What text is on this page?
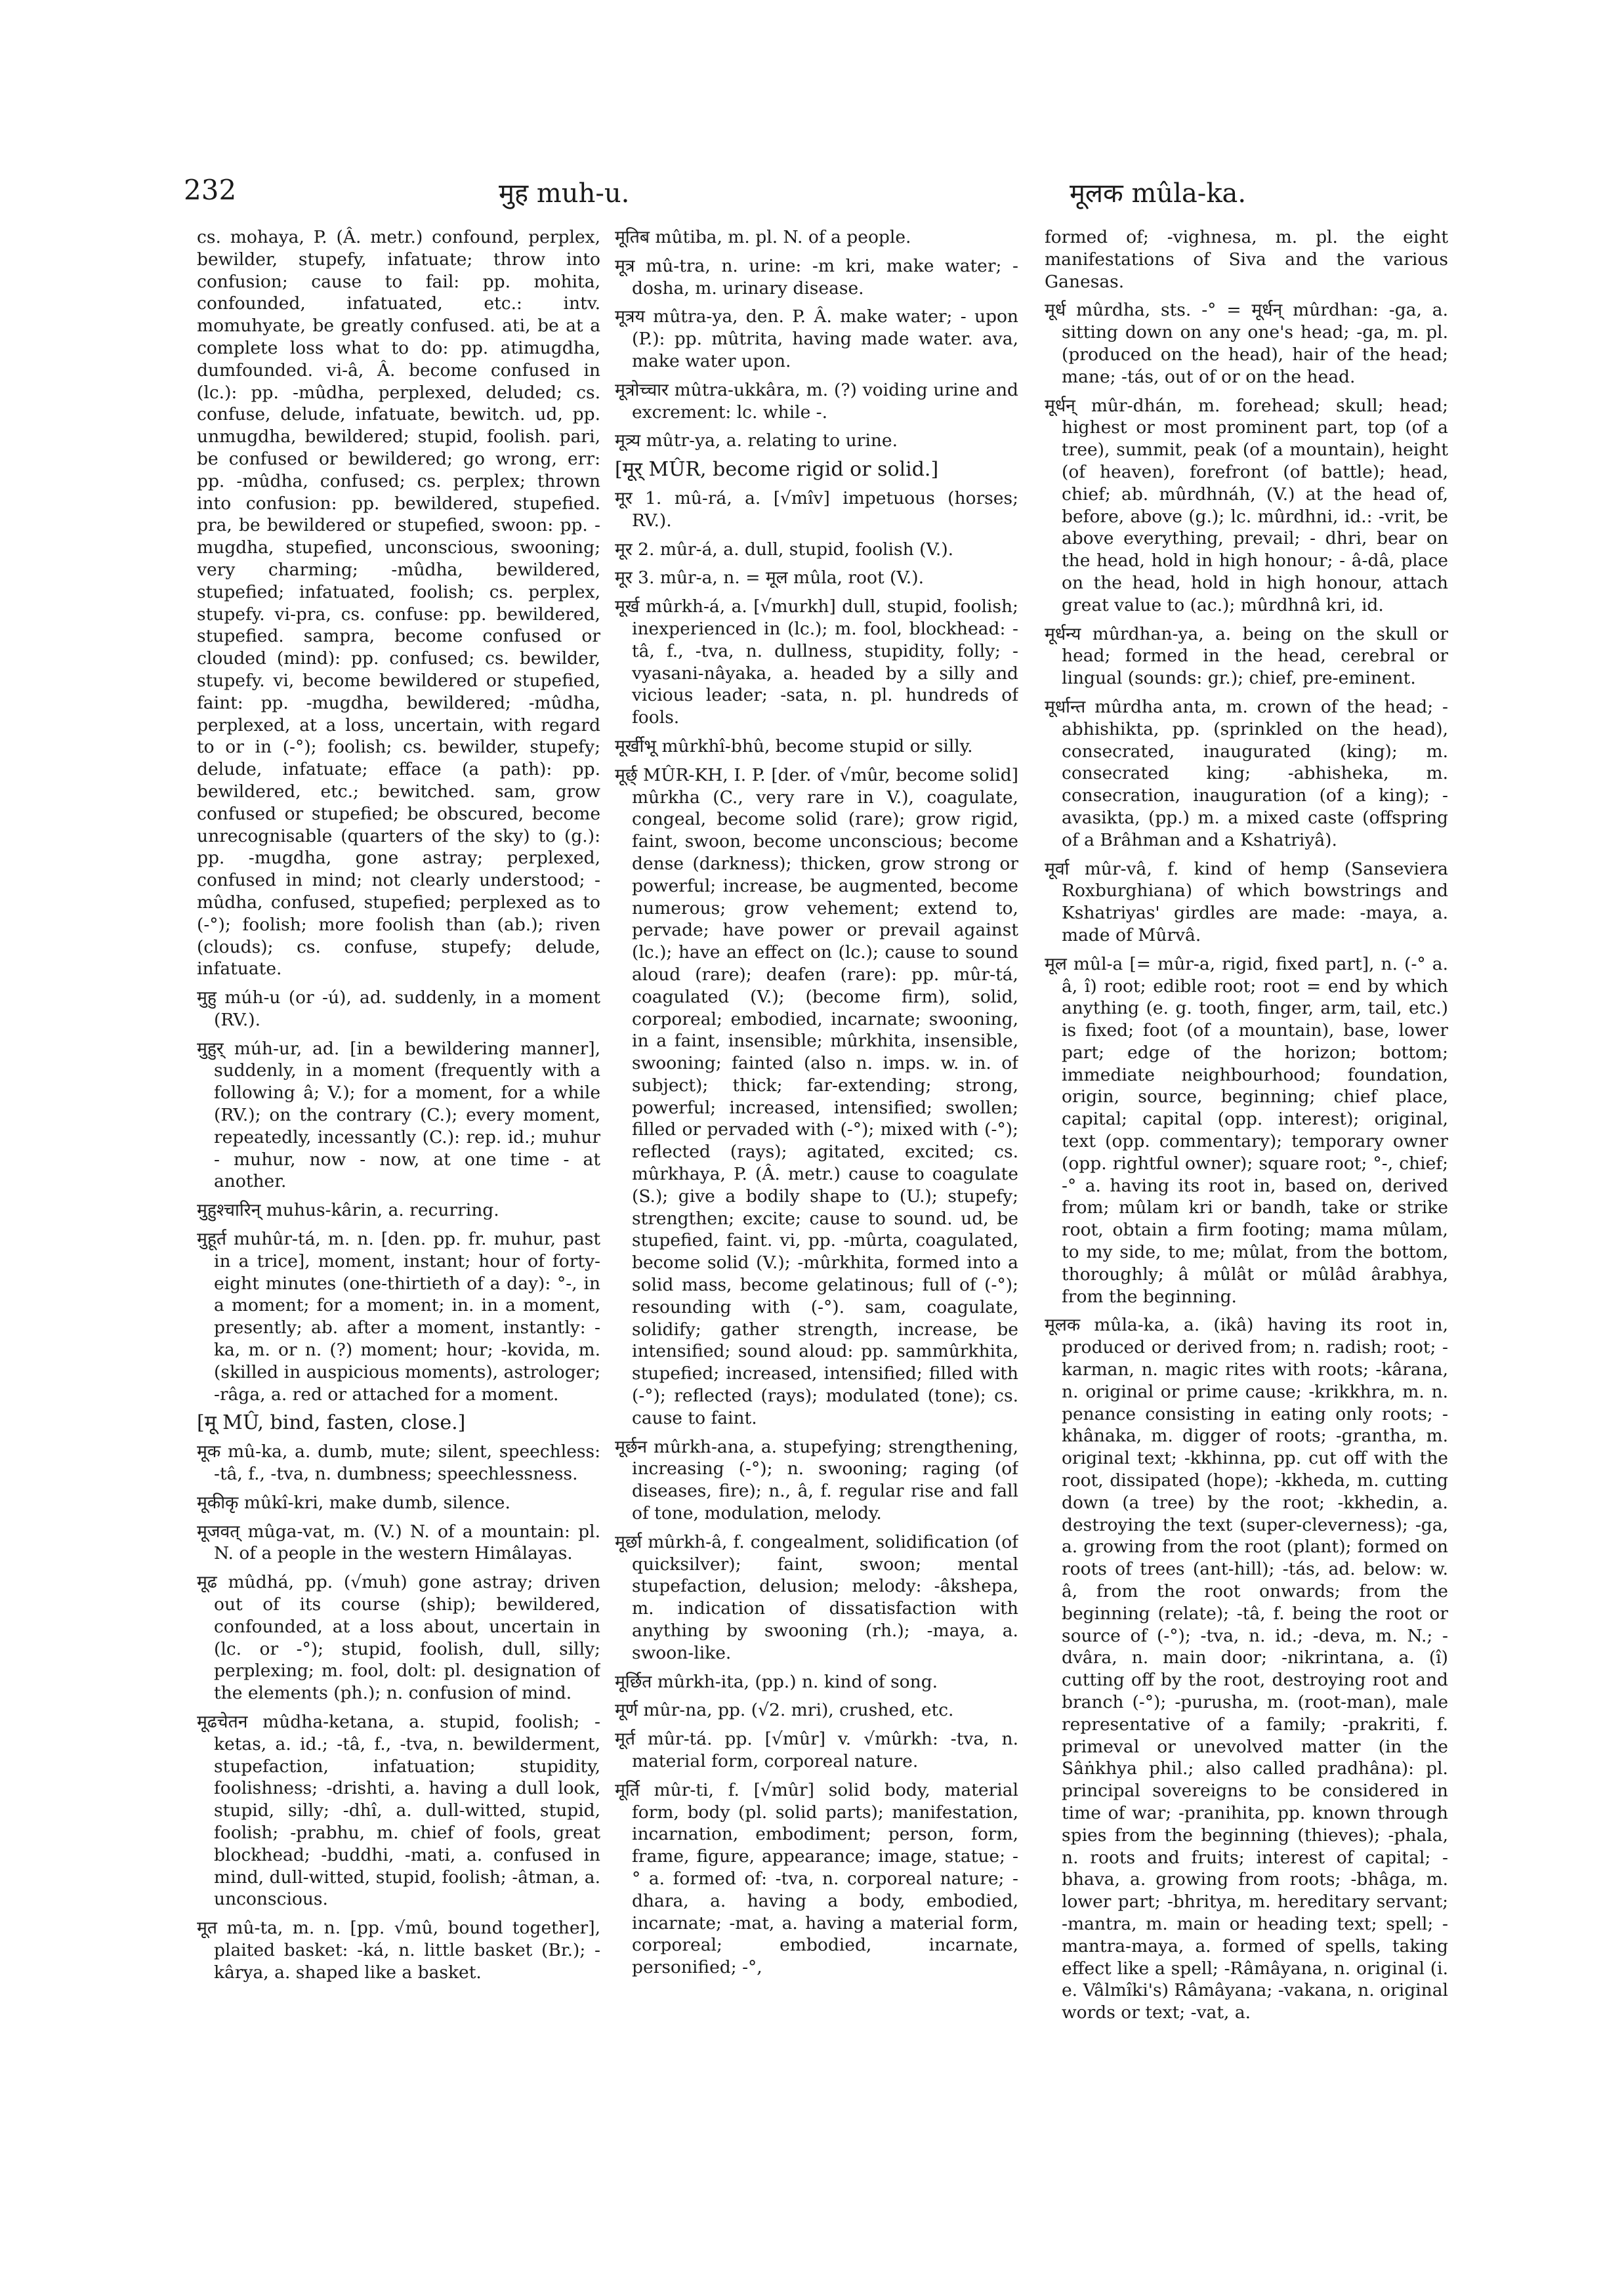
232	मुह muh-u.	मूलक mûla-ka.

cs. mohaya, P. (Â. metr.) confound, perplex, bewilder, stupefy, infatuate; throw into confusion; cause to fail: pp. mohita, confounded, infatuated, etc.: intv. momuhyate, be greatly confused. ati, be at a complete loss what to do: pp. atimugdha, dumfounded. vi-â, Â. become confused in (lc.): pp. -mûdha, perplexed, deluded; cs. confuse, delude, infatuate, bewitch. ud, pp. unmugdha, bewildered; stupid, foolish. pari, be confused or bewildered; go wrong, err: pp. -mûdha, confused; cs. perplex; thrown into confusion: pp. bewildered, stupefied. pra, be bewildered or stupefied, swoon: pp. -mugdha, stupefied, unconscious, swooning; very charming; -mûdha, bewildered, stupefied; infatuated, foolish; cs. perplex, stupefy. vi-pra, cs. confuse: pp. bewildered, stupefied. sampra, become confused or clouded (mind): pp. confused; cs. bewilder, stupefy. vi, become bewildered or stupefied, faint: pp. -mugdha, bewildered; -mûdha, perplexed, at a loss, uncertain, with regard to or in (-°); foolish; cs. bewilder, stupefy; delude, infatuate; efface (a path): pp. bewildered, etc.; bewitched. sam, grow confused or stupefied; be obscured, become unrecognisable (quarters of the sky) to (g.): pp. -mugdha, gone astray; perplexed, confused in mind; not clearly understood; -mûdha, confused, stupefied; perplexed as to (-°); foolish; more foolish than (ab.); riven (clouds); cs. confuse, stupefy; delude, infatuate.

मुहु múh-u (or -ú), ad. suddenly, in a moment (RV.).

मुहुर् múh-ur, ad. [in a bewildering manner], suddenly, in a moment (frequently with a following â; V.); for a moment, for a while (RV.); on the contrary (C.); every moment, repeatedly, incessantly (C.): rep. id.; muhur - muhur, now - now, at one time - at another.

मुहुश्चारिन् muhus-kârin, a. recurring.

मुहूर्त muhûr-tá, m. n. [den. pp. fr. muhur, past in a trice], moment, instant; hour of forty-eight minutes (one-thirtieth of a day): °-, in a moment; for a moment; in. in a moment, presently; ab. after a moment, instantly: -ka, m. or n. (?) moment; hour; -kovida, m. (skilled in auspicious moments), astrologer; -râga, a. red or attached for a moment.

[मू MÛ, bind, fasten, close.]

मूक mû-ka, a. dumb, mute; silent, speechless: -tâ, f., -tva, n. dumbness; speechlessness.

मूकीकृ mûkî-kri, make dumb, silence.

मूजवत् mûga-vat, m. (V.) N. of a mountain: pl. N. of a people in the western Himâlayas.

मूढ mûdhá, pp. (√muh) gone astray; driven out of its course (ship); bewildered, confounded, at a loss about, uncertain in (lc. or -°); stupid, foolish, dull, silly; perplexing; m. fool, dolt: pl. designation of the elements (ph.); n. confusion of mind.

मूढचेतन mûdha-ketana, a. stupid, foolish; -ketas, a. id.; -tâ, f., -tva, n. bewilderment, stupefaction, infatuation; stupidity, foolishness; -drishti, a. having a dull look, stupid, silly; -dhî, a. dull-witted, stupid, foolish; -prabhu, m. chief of fools, great blockhead; -buddhi, -mati, a. confused in mind, dull-witted, stupid, foolish; -âtman, a. unconscious.

मूत mû-ta, m. n. [pp. √mû, bound together], plaited basket: -ká, n. little basket (Br.); -kârya, a. shaped like a basket.

मूतिब mûtiba, m. pl. N. of a people.

मूत्र mû-tra, n. urine: -m kri, make water; -dosha, m. urinary disease.

मूत्रय mûtra-ya, den. P. Â. make water; - upon (P.): pp. mûtrita, having made water. ava, make water upon.

मूत्रोच्चार mûtra-ukkâra, m. (?) voiding urine and excrement: lc. while -.

मूत्र्य mûtr-ya, a. relating to urine.

[मूर् MÛR, become rigid or solid.]

मूर 1. mû-rá, a. [√mîv] impetuous (horses; RV.).

मूर 2. mûr-á, a. dull, stupid, foolish (V.).

मूर 3. mûr-a, n. = मूल mûla, root (V.).

मूर्ख mûrkh-á, a. [√murkh] dull, stupid, foolish; inexperienced in (lc.); m. fool, blockhead: -tâ, f., -tva, n. dullness, stupidity, folly; -vyasani-nâyaka, a. headed by a silly and vicious leader; -sata, n. pl. hundreds of fools.

मूर्खीभू mûrkhî-bhû, become stupid or silly.

मूर्छ् MÛR-KH, I. P. [der. of √mûr, become solid] mûrkha (C., very rare in V.), coagulate, congeal, become solid (rare); grow rigid, faint, swoon, become unconscious; become dense (darkness); thicken, grow strong or powerful; increase, be augmented, become numerous; grow vehement; extend to, pervade; have power or prevail against (lc.); have an effect on (lc.); cause to sound aloud (rare); deafen (rare): pp. mûr-tá, coagulated (V.); (become firm), solid, corporeal; embodied, incarnate; swooning, in a faint, insensible; mûrkhita, insensible, swooning; fainted (also n. imps. w. in. of subject); thick; far-extending; strong, powerful; increased, intensified; swollen; filled or pervaded with (-°); mixed with (-°); reflected (rays); agitated, excited; cs. mûrkhaya, P. (Â. metr.) cause to coagulate (S.); give a bodily shape to (U.); stupefy; strengthen; excite; cause to sound. ud, be stupefied, faint. vi, pp. -mûrta, coagulated, become solid (V.); -mûrkhita, formed into a solid mass, become gelatinous; full of (-°); resounding with (-°). sam, coagulate, solidify; gather strength, increase, be intensified; sound aloud: pp. sammûrkhita, stupefied; increased, intensified; filled with (-°); reflected (rays); modulated (tone); cs. cause to faint.

मूर्छन mûrkh-ana, a. stupefying; strengthening, increasing (-°); n. swooning; raging (of diseases, fire); n., â, f. regular rise and fall of tone, modulation, melody.

मूर्छा mûrkh-â, f. congealment, solidification (of quicksilver); faint, swoon; mental stupefaction, delusion; melody: -âkshepa, m. indication of dissatisfaction with anything by swooning (rh.); -maya, a. swoon-like.

मूर्छित mûrkh-ita, (pp.) n. kind of song.

मूर्ण mûr-na, pp. (√2. mri), crushed, etc.

मूर्त mûr-tá. pp. [√mûr] v. √mûrkh: -tva, n. material form, corporeal nature.

मूर्ति mûr-ti, f. [√mûr] solid body, material form, body (pl. solid parts); manifestation, incarnation, embodiment; person, form, frame, figure, appearance; image, statue; -° a. formed of: -tva, n. corporeal nature; -dhara, a. having a body, embodied, incarnate; -mat, a. having a material form, corporeal; embodied, incarnate, personified; -°,

formed of; -vighnesa, m. pl. the eight manifestations of Siva and the various Ganesas.

मूर्ध mûrdha, sts. -° = मूर्धन् mûrdhan: -ga, a. sitting down on any one's head; -ga, m. pl. (produced on the head), hair of the head; mane; -tás, out of or on the head.

मूर्धन् mûr-dhán, m. forehead; skull; head; highest or most prominent part, top (of a tree), summit, peak (of a mountain), height (of heaven), forefront (of battle); head, chief; ab. mûrdhnáh, (V.) at the head of, before, above (g.); lc. mûrdhni, id.: -vrit, be above everything, prevail; - dhri, bear on the head, hold in high honour; - â-dâ, place on the head, hold in high honour, attach great value to (ac.); mûrdhnâ kri, id.

मूर्धन्य mûrdhan-ya, a. being on the skull or head; formed in the head, cerebral or lingual (sounds: gr.); chief, pre-eminent.

मूर्धान्त mûrdha anta, m. crown of the head; -abhishikta, pp. (sprinkled on the head), consecrated, inaugurated (king); m. consecrated king; -abhisheka, m. consecration, inauguration (of a king); -avasikta, (pp.) m. a mixed caste (offspring of a Brâhman and a Kshatriyâ).

मूर्वा mûr-vâ, f. kind of hemp (Sanseviera Roxburghiana) of which bowstrings and Kshatriyas' girdles are made: -maya, a. made of Mûrvâ.

मूल mûl-a [= mûr-a, rigid, fixed part], n. (-° a. â, î) root; edible root; root = end by which anything (e. g. tooth, finger, arm, tail, etc.) is fixed; foot (of a mountain), base, lower part; edge of the horizon; bottom; immediate neighbourhood; foundation, origin, source, beginning; chief place, capital; capital (opp. interest); original, text (opp. commentary); temporary owner (opp. rightful owner); square root; °-, chief; -° a. having its root in, based on, derived from; mûlam kri or bandh, take or strike root, obtain a firm footing; mama mûlam, to my side, to me; mûlat, from the bottom, thoroughly; â mûlât or mûlâd ârabhya, from the beginning.

मूलक mûla-ka, a. (ikâ) having its root in, produced or derived from; n. radish; root; -karman, n. magic rites with roots; -kârana, n. original or prime cause; -krikkhra, m. n. penance consisting in eating only roots; -khânaka, m. digger of roots; -grantha, m. original text; -kkhinna, pp. cut off with the root, dissipated (hope); -kkheda, m. cutting down (a tree) by the root; -kkhedin, a. destroying the text (super-cleverness); -ga, a. growing from the root (plant); formed on roots of trees (ant-hill); -tás, ad. below: w. â, from the root onwards; from the beginning (relate); -tâ, f. being the root or source of (-°); -tva, n. id.; -deva, m. N.; -dvâra, n. main door; -nikrintana, a. (î) cutting off by the root, destroying root and branch (-°); -purusha, m. (root-man), male representative of a family; -prakriti, f. primeval or unevolved matter (in the Sâṅkhya phil.; also called pradhâna): pl. principal sovereigns to be considered in time of war; -pranihita, pp. known through spies from the beginning (thieves); -phala, n. roots and fruits; interest of capital; -bhava, a. growing from roots; -bhâga, m. lower part; -bhritya, m. hereditary servant; -mantra, m. main or heading text; spell; -mantra-maya, a. formed of spells, taking effect like a spell; -Râmâyana, n. original (i. e. Vâlmîki's) Râmâyana; -vakana, n. original words or text; -vat, a.
